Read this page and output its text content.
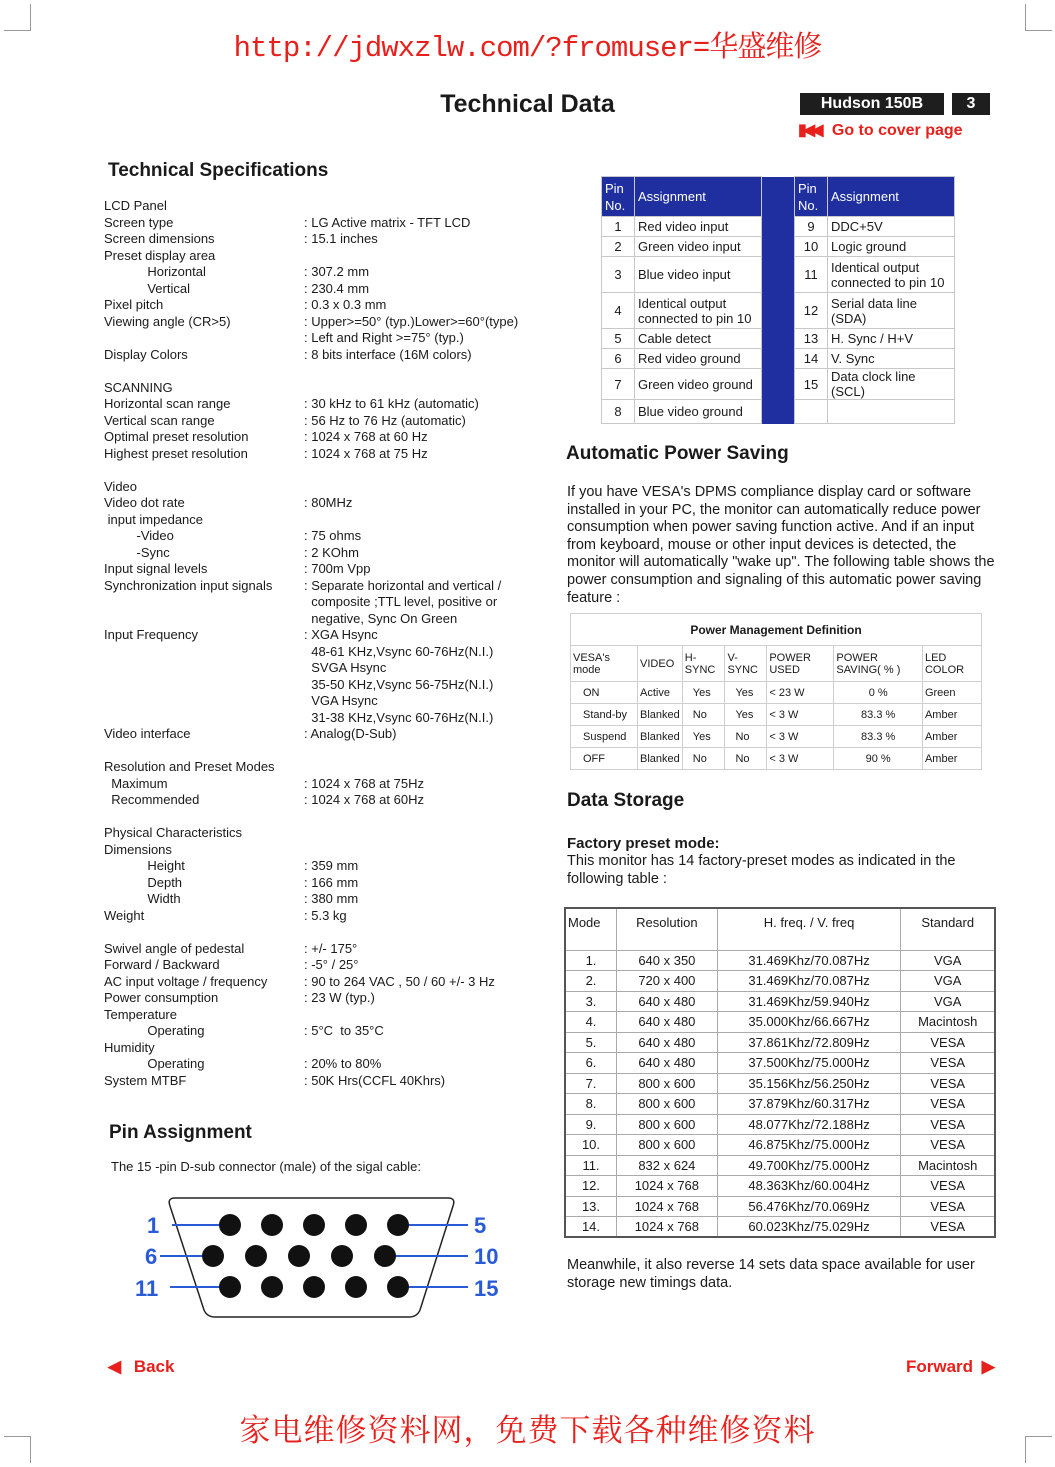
http://jdwxzlw.com/?fromuser=华盛维修
Technical Data	Hudson 150B	3
▮◀◀ Go to cover page
Technical Specifications
LCD Panel
Screen type	: LG Active matrix - TFT LCD
Screen dimensions	: 15.1 inches
Preset display area
Horizontal	: 307.2 mm
Vertical	: 230.4 mm
Pixel pitch	: 0.3 x 0.3 mm
Viewing angle (CR>5)	: Upper>=50° (typ.)Lower>=60°(type)
: Left and Right >=75° (typ.)
Display Colors	: 8 bits interface (16M colors)
SCANNING
Horizontal scan range	: 30 kHz to 61 kHz (automatic)
Vertical scan range	: 56 Hz to 76 Hz (automatic)
Optimal preset resolution	: 1024 x 768 at 60 Hz
Highest preset resolution	: 1024 x 768 at 75 Hz
Video
Video dot rate	: 80MHz
input impedance
-Video	: 75 ohms
-Sync	: 2 KOhm
Input signal levels	: 700m Vpp
Synchronization input signals : Separate horizontal and vertical /
composite ;TTL level, positive or
negative, Sync On Green
Input Frequency	: XGA Hsync
48-61 KHz,Vsync 60-76Hz(N.I.)
SVGA Hsync
35-50 KHz,Vsync 56-75Hz(N.I.)
VGA Hsync
31-38 KHz,Vsync 60-76Hz(N.I.)
Video interface	: Analog(D-Sub)
Resolution and Preset Modes
Maximum	: 1024 x 768 at 75Hz
Recommended	: 1024 x 768 at 60Hz
Physical Characteristics
Dimensions
Height	: 359 mm
Depth	: 166 mm
Width	: 380 mm
Weight	: 5.3 kg
Swivel angle of pedestal	: +/- 175°
Forward / Backward	: -5° / 25°
AC input voltage / frequency	: 90 to 264 VAC , 50 / 60 +/- 3 Hz
Power consumption	: 23 W (typ.)
Temperature
Operating	: 5°C  to 35°C
Humidity
Operating	: 20% to 80%
System MTBF	: 50K Hrs(CCFL 40Khrs)
Pin No.	Assignment		Pin No.	Assignment
1	Red video input		9	DDC+5V
2	Green video input		10	Logic ground
3	Blue video input		11	Identical output connected to pin 10
4	Identical output connected to pin 10		12	Serial data line (SDA)
5	Cable detect		13	H. Sync / H+V
6	Red video ground		14	V. Sync
7	Green video ground		15	Data clock line (SCL)
8	Blue video ground			
Automatic Power Saving
If you have VESA's DPMS compliance display card or software installed in your PC, the monitor can automatically reduce power consumption when power saving function active. And if an input from keyboard, mouse or other input devices is detected, the monitor will automatically "wake up". The following table shows the power consumption and signaling of this automatic power saving feature :
Power Management Definition						
VESA's mode	VIDEO	H-SYNC	V-SYNC	POWER USED	POWER SAVING( % )	LED COLOR
ON	Active	Yes	Yes	< 23 W	0 %	Green
Stand-by	Blanked	No	Yes	< 3 W	83.3 %	Amber
Suspend	Blanked	Yes	No	< 3 W	83.3 %	Amber
OFF	Blanked	No	No	< 3 W	90 %	Amber
Data Storage
Factory preset mode:
This monitor has 14 factory-preset modes as indicated in the following table :
Mode	Resolution	H. freq. / V. freq	Standard
1.	640 x 350	31.469Khz/70.087Hz	VGA
2.	720 x 400	31.469Khz/70.087Hz	VGA
3.	640 x 480	31.469Khz/59.940Hz	VGA
4.	640 x 480	35.000Khz/66.667Hz	Macintosh
5.	640 x 480	37.861Khz/72.809Hz	VESA
6.	640 x 480	37.500Khz/75.000Hz	VESA
7.	800 x 600	35.156Khz/56.250Hz	VESA
8.	800 x 600	37.879Khz/60.317Hz	VESA
9.	800 x 600	48.077Khz/72.188Hz	VESA
10.	800 x 600	46.875Khz/75.000Hz	VESA
11.	832 x 624	49.700Khz/75.000Hz	Macintosh
12.	1024 x 768	48.363Khz/60.004Hz	VESA
13.	1024 x 768	56.476Khz/70.069Hz	VESA
14.	1024 x 768	60.023Khz/75.029Hz	VESA
Meanwhile, it also reverse 14 sets data space available for user storage new timings data.
Pin Assignment
The 15 -pin D-sub connector (male) of the sigal cable:
1
6
11
5
10
15
◀ Back	Forward ▶
家电维修资料网，免费下载各种维修资料
